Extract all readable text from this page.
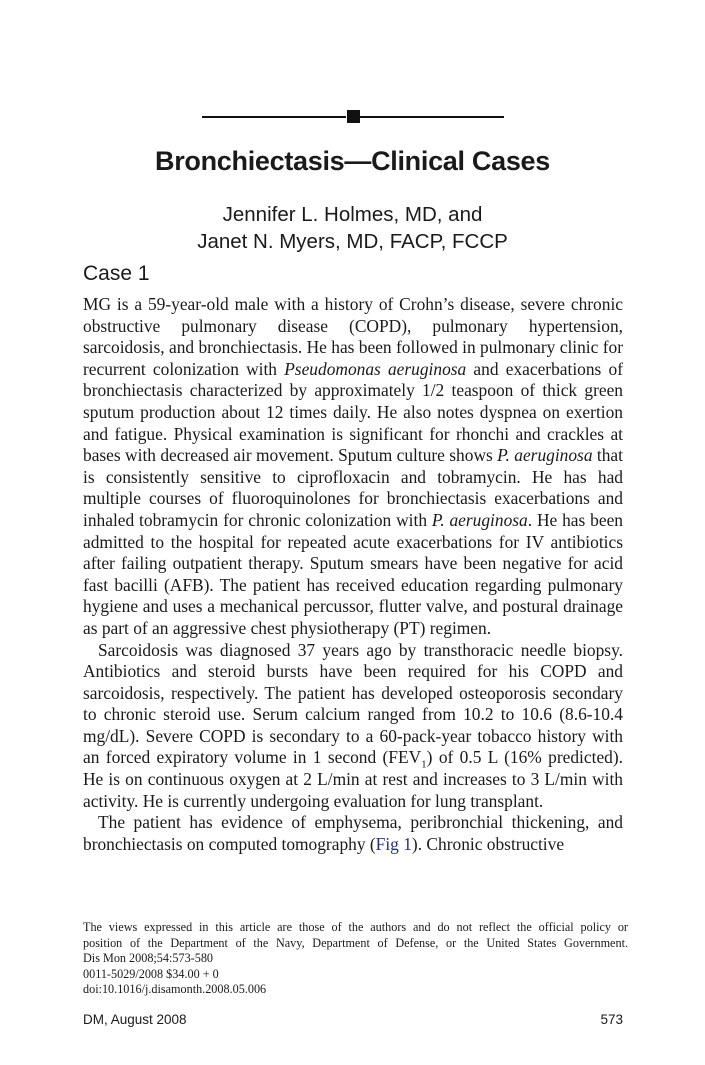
Bronchiectasis—Clinical Cases
Jennifer L. Holmes, MD, and
Janet N. Myers, MD, FACP, FCCP
Case 1

MG is a 59-year-old male with a history of Crohn’s disease, severe chronic obstructive pulmonary disease (COPD), pulmonary hypertension, sarcoidosis, and bronchiectasis. He has been followed in pulmonary clinic for recurrent colonization with Pseudomonas aeruginosa and exacerbations of bronchiectasis characterized by approximately 1/2 teaspoon of thick green sputum production about 12 times daily. He also notes dyspnea on exertion and fatigue. Physical examination is significant for rhonchi and crackles at bases with decreased air movement. Sputum culture shows P. aeruginosa that is consistently sensitive to ciprofloxacin and tobramycin. He has had multiple courses of fluoroquinolones for bronchiectasis exacerbations and inhaled tobramycin for chronic colonization with P. aeruginosa. He has been admitted to the hospital for repeated acute exacerbations for IV antibiotics after failing outpatient therapy. Sputum smears have been negative for acid fast bacilli (AFB). The patient has received education regarding pulmonary hygiene and uses a mechanical percussor, flutter valve, and postural drainage as part of an aggressive chest physiotherapy (PT) regimen.

Sarcoidosis was diagnosed 37 years ago by transthoracic needle biopsy. Antibiotics and steroid bursts have been required for his COPD and sarcoidosis, respectively. The patient has developed osteoporosis secondary to chronic steroid use. Serum calcium ranged from 10.2 to 10.6 (8.6-10.4 mg/dL). Severe COPD is secondary to a 60-pack-year tobacco history with an forced expiratory volume in 1 second $(FEV_1)$ of 0.5 L (16% predicted). He is on continuous oxygen at 2 L/min at rest and increases to 3 L/min with activity. He is currently undergoing evaluation for lung transplant.

The patient has evidence of emphysema, peribronchial thickening, and bronchiectasis on computed tomography (Fig 1). Chronic obstructive

The views expressed in this article are those of the authors and do not reflect the official policy or
position of the Department of the Navy, Department of Defense, or the United States Government.
Dis Mon 2008;54:573-580
0011-5029/2008 $34.00 + 0
doi:10.1016/j.disamonth.2008.05.006
DM, August 2008	573
